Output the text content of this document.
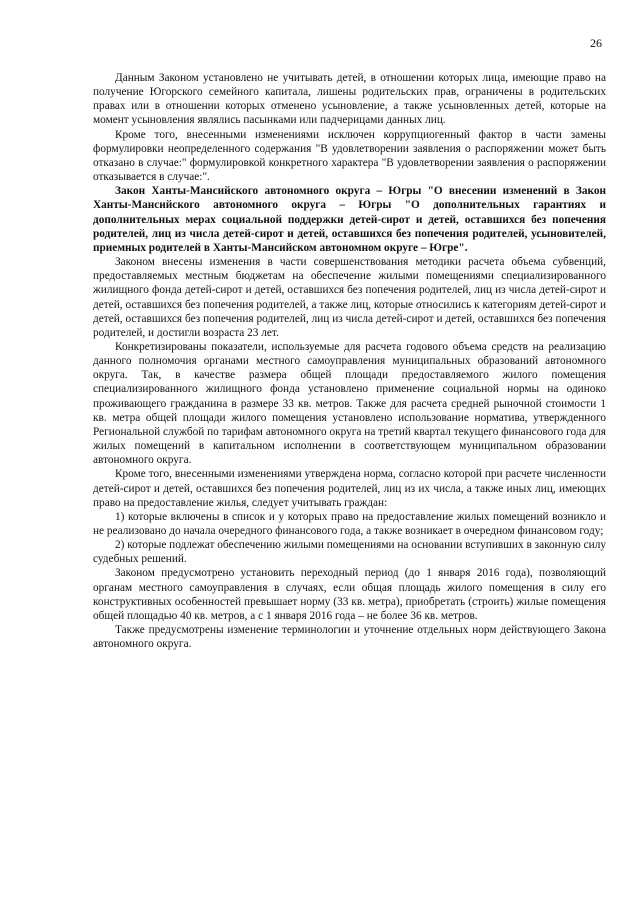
26

Данным Законом установлено не учитывать детей, в отношении которых лица, имеющие право на получение Югорского семейного капитала, лишены родительских прав, ограничены в родительских правах или в отношении которых отменено усыновление, а также усыновленных детей, которые на момент усыновления являлись пасынками или падчерицами данных лиц.

Кроме того, внесенными изменениями исключен коррупциогенный фактор в части замены формулировки неопределенного содержания "В удовлетворении заявления о распоряжении может быть отказано в случае:" формулировкой конкретного характера "В удовлетворении заявления о распоряжении отказывается в случае:".

Закон Ханты-Мансийского автономного округа – Югры "О внесении изменений в Закон Ханты-Мансийского автономного округа – Югры "О дополнительных гарантиях и дополнительных мерах социальной поддержки детей-сирот и детей, оставшихся без попечения родителей, лиц из числа детей-сирот и детей, оставшихся без попечения родителей, усыновителей, приемных родителей в Ханты-Мансийском автономном округе – Югре".

Законом внесены изменения в части совершенствования методики расчета объема субвенций, предоставляемых местным бюджетам на обеспечение жилыми помещениями специализированного жилищного фонда детей-сирот и детей, оставшихся без попечения родителей, лиц из числа детей-сирот и детей, оставшихся без попечения родителей, а также лиц, которые относились к категориям детей-сирот и детей, оставшихся без попечения родителей, лиц из числа детей-сирот и детей, оставшихся без попечения родителей, и достигли возраста 23 лет.

Конкретизированы показатели, используемые для расчета годового объема средств на реализацию данного полномочия органами местного самоуправления муниципальных образований автономного округа. Так, в качестве размера общей площади предоставляемого жилого помещения специализированного жилищного фонда установлено применение социальной нормы на одиноко проживающего гражданина в размере 33 кв. метров. Также для расчета средней рыночной стоимости 1 кв. метра общей площади жилого помещения установлено использование норматива, утвержденного Региональной службой по тарифам автономного округа на третий квартал текущего финансового года для жилых помещений в капитальном исполнении в соответствующем муниципальном образовании автономного округа.

Кроме того, внесенными изменениями утверждена норма, согласно которой при расчете численности детей-сирот и детей, оставшихся без попечения родителей, лиц из их числа, а также иных лиц, имеющих право на предоставление жилья, следует учитывать граждан:

1) которые включены в список и у которых право на предоставление жилых помещений возникло и не реализовано до начала очередного финансового года, а также возникает в очередном финансовом году;

2) которые подлежат обеспечению жилыми помещениями на основании вступивших в законную силу судебных решений.

Законом предусмотрено установить переходный период (до 1 января 2016 года), позволяющий органам местного самоуправления в случаях, если общая площадь жилого помещения в силу его конструктивных особенностей превышает норму (33 кв. метра), приобретать (строить) жилые помещения общей площадью 40 кв. метров, а с 1 января 2016 года – не более 36 кв. метров.

Также предусмотрены изменение терминологии и уточнение отдельных норм действующего Закона автономного округа.
